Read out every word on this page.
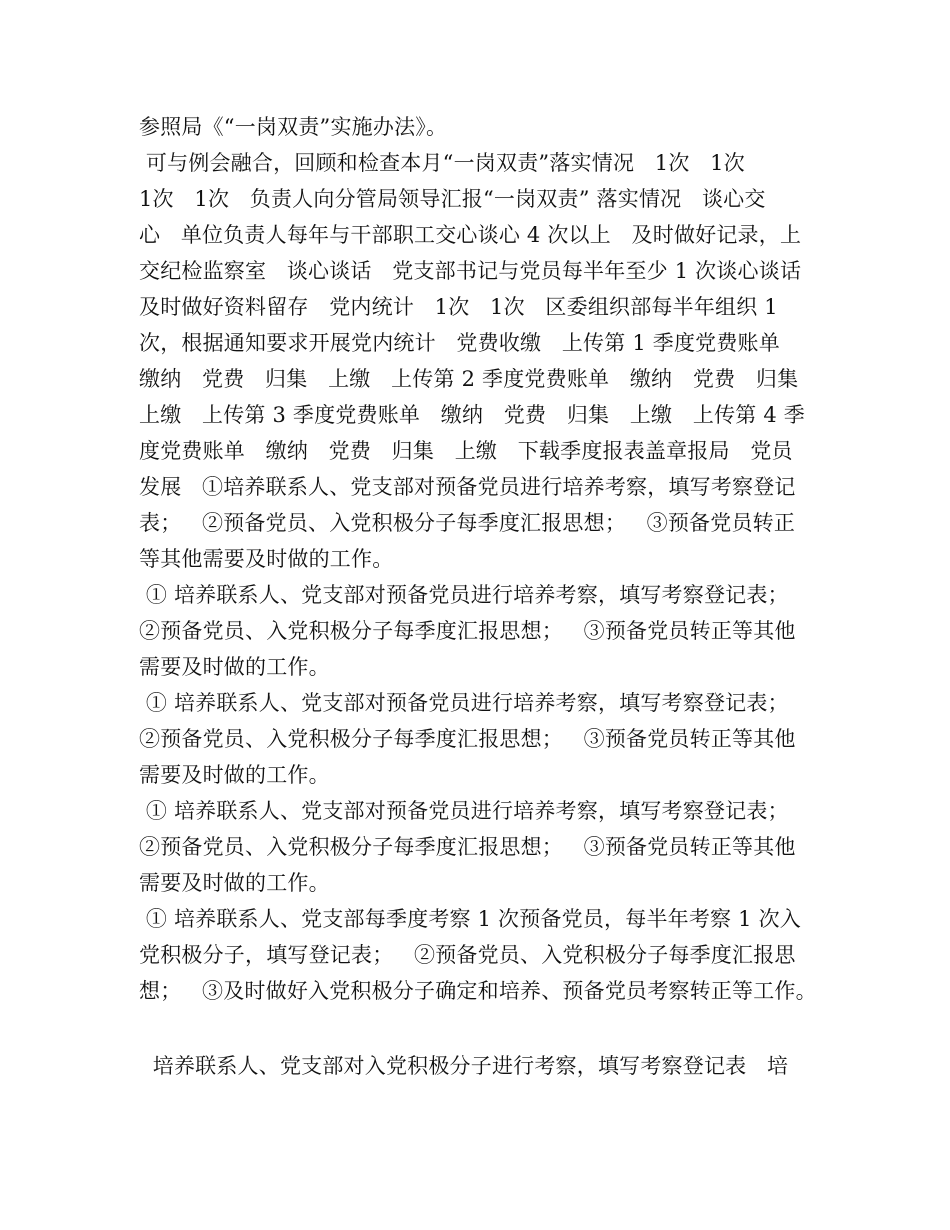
参照局《“一岗双责”实施办法》。
可与例会融合，回顾和检查本月“一岗双责”落实情况   1次   1次
1次   1次   负责人向分管局领导汇报“一岗双责” 落实情况   谈心交
心   单位负责人每年与干部职工交心谈心 4 次以上   及时做好记录，上
交纪检监察室   谈心谈话   党支部书记与党员每半年至少 1 次谈心谈话
及时做好资料留存   党内统计   1次   1次   区委组织部每半年组织 1
次，根据通知要求开展党内统计   党费收缴   上传第 1 季度党费账单
缴纳   党费   归集   上缴   上传第 2 季度党费账单   缴纳   党费   归集
上缴   上传第 3 季度党费账单   缴纳   党费   归集   上缴   上传第 4 季
度党费账单   缴纳   党费   归集   上缴   下载季度报表盖章报局   党员
发展   ①培养联系人、党支部对预备党员进行培养考察，填写考察登记
表；   ②预备党员、入党积极分子每季度汇报思想；   ③预备党员转正
等其他需要及时做的工作。
① 培养联系人、党支部对预备党员进行培养考察，填写考察登记表；
②预备党员、入党积极分子每季度汇报思想；   ③预备党员转正等其他
需要及时做的工作。
① 培养联系人、党支部对预备党员进行培养考察，填写考察登记表；
②预备党员、入党积极分子每季度汇报思想；   ③预备党员转正等其他
需要及时做的工作。
① 培养联系人、党支部对预备党员进行培养考察，填写考察登记表；
②预备党员、入党积极分子每季度汇报思想；   ③预备党员转正等其他
需要及时做的工作。
① 培养联系人、党支部每季度考察 1 次预备党员，每半年考察 1 次入
党积极分子，填写登记表；   ②预备党员、入党积极分子每季度汇报思
想；   ③及时做好入党积极分子确定和培养、预备党员考察转正等工作。
培养联系人、党支部对入党积极分子进行考察，填写考察登记表   培
